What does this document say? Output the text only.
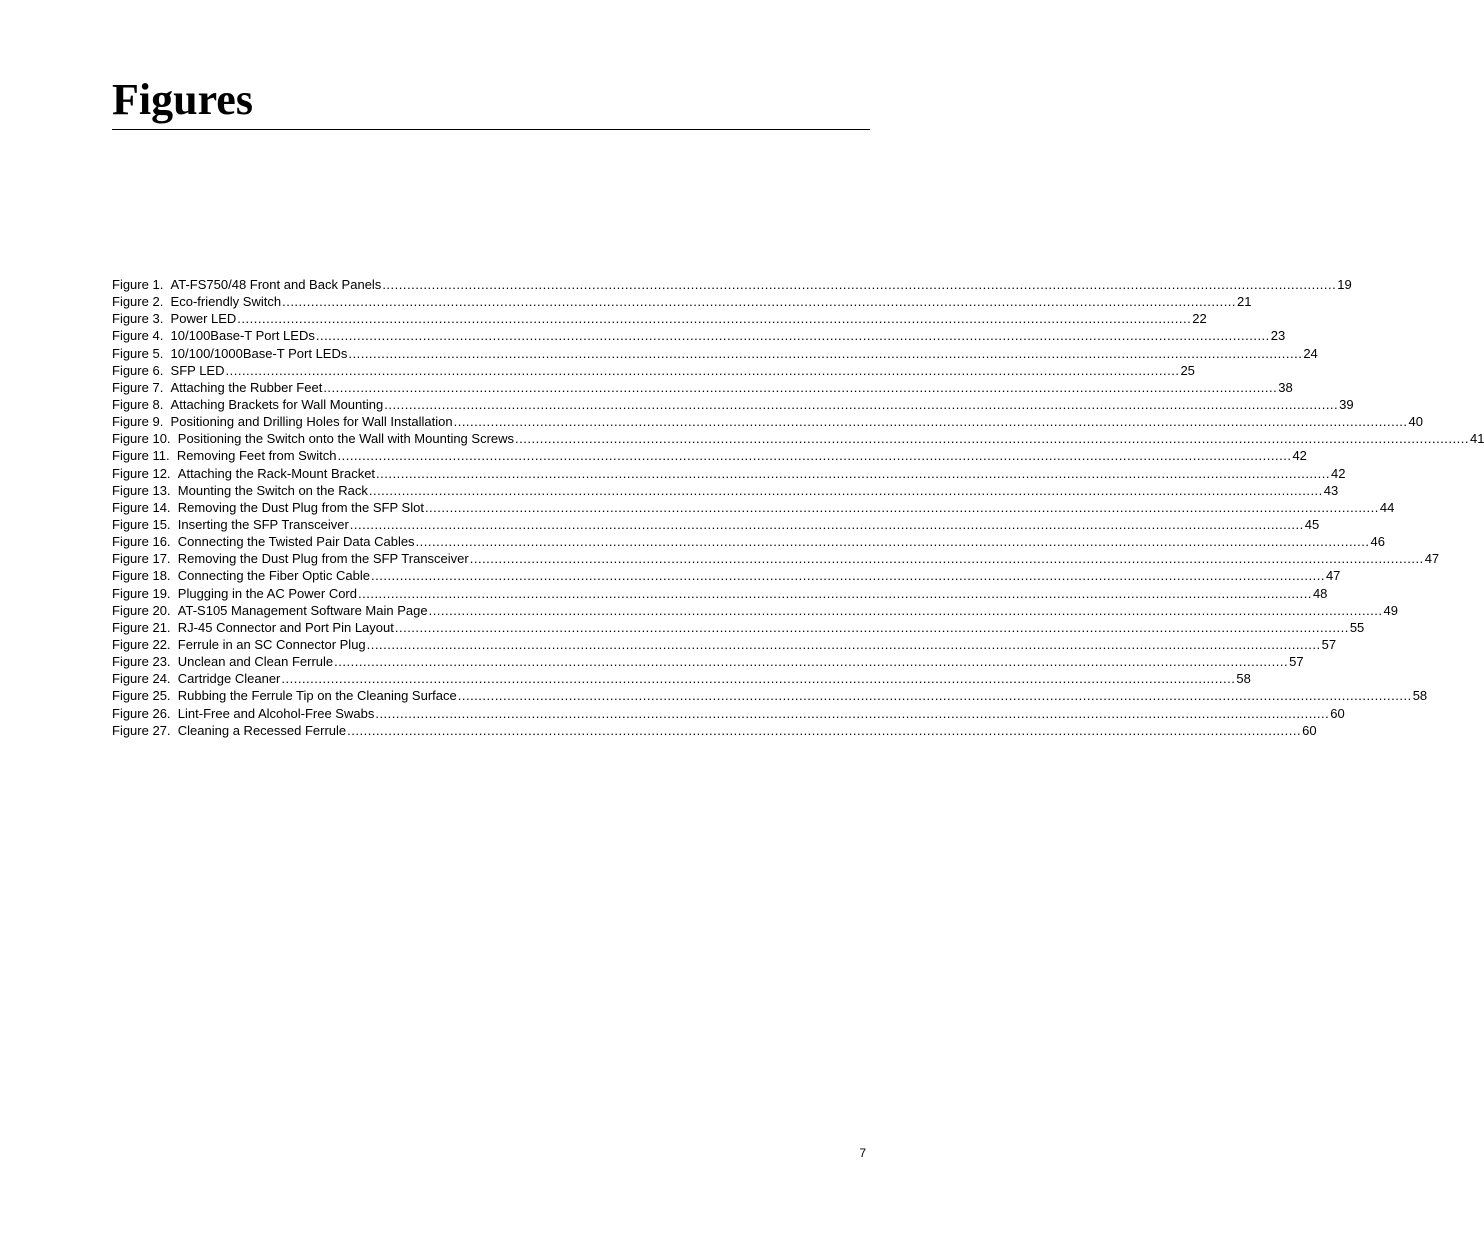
Figures
Figure 1.
AT-FS750/48 Front and Back Panels ........................................................................................................................................................................................................................................ 19
Figure 2.
Eco-friendly Switch ........................................................................................................................................................................................................................................ 21
Figure 3.
Power LED ........................................................................................................................................................................................................................................ 22
Figure 4.
10/100Base-T Port LEDs ........................................................................................................................................................................................................................................ 23
Figure 5.
10/100/1000Base-T Port LEDs ........................................................................................................................................................................................................................................ 24
Figure 6.
SFP LED ........................................................................................................................................................................................................................................ 25
Figure 7.
Attaching the Rubber Feet ........................................................................................................................................................................................................................................ 38
Figure 8.
Attaching Brackets for Wall Mounting ........................................................................................................................................................................................................................................ 39
Figure 9.
Positioning and Drilling Holes for Wall Installation ........................................................................................................................................................................................................................................ 40
Figure 10.
Positioning the Switch onto the Wall with Mounting Screws ........................................................................................................................................................................................................................................ 41
Figure 11.
Removing Feet from Switch ........................................................................................................................................................................................................................................ 42
Figure 12.
Attaching the Rack-Mount Bracket ........................................................................................................................................................................................................................................ 42
Figure 13.
Mounting the Switch on the Rack ........................................................................................................................................................................................................................................ 43
Figure 14.
Removing the Dust Plug from the SFP Slot ........................................................................................................................................................................................................................................ 44
Figure 15.
Inserting the SFP Transceiver ........................................................................................................................................................................................................................................ 45
Figure 16.
Connecting the Twisted Pair Data Cables ........................................................................................................................................................................................................................................ 46
Figure 17.
Removing the Dust Plug from the SFP Transceiver ........................................................................................................................................................................................................................................ 47
Figure 18.
Connecting the Fiber Optic Cable ........................................................................................................................................................................................................................................ 47
Figure 19.
Plugging in the AC Power Cord ........................................................................................................................................................................................................................................ 48
Figure 20.
AT-S105 Management Software Main Page ........................................................................................................................................................................................................................................ 49
Figure 21.
RJ-45 Connector and Port Pin Layout ........................................................................................................................................................................................................................................ 55
Figure 22.
Ferrule in an SC Connector Plug ........................................................................................................................................................................................................................................ 57
Figure 23.
Unclean and Clean Ferrule ........................................................................................................................................................................................................................................ 57
Figure 24.
Cartridge Cleaner ........................................................................................................................................................................................................................................ 58
Figure 25.
Rubbing the Ferrule Tip on the Cleaning Surface ........................................................................................................................................................................................................................................ 58
Figure 26.
Lint-Free and Alcohol-Free Swabs ........................................................................................................................................................................................................................................ 60
Figure 27.
Cleaning a Recessed Ferrule ........................................................................................................................................................................................................................................ 60
7
